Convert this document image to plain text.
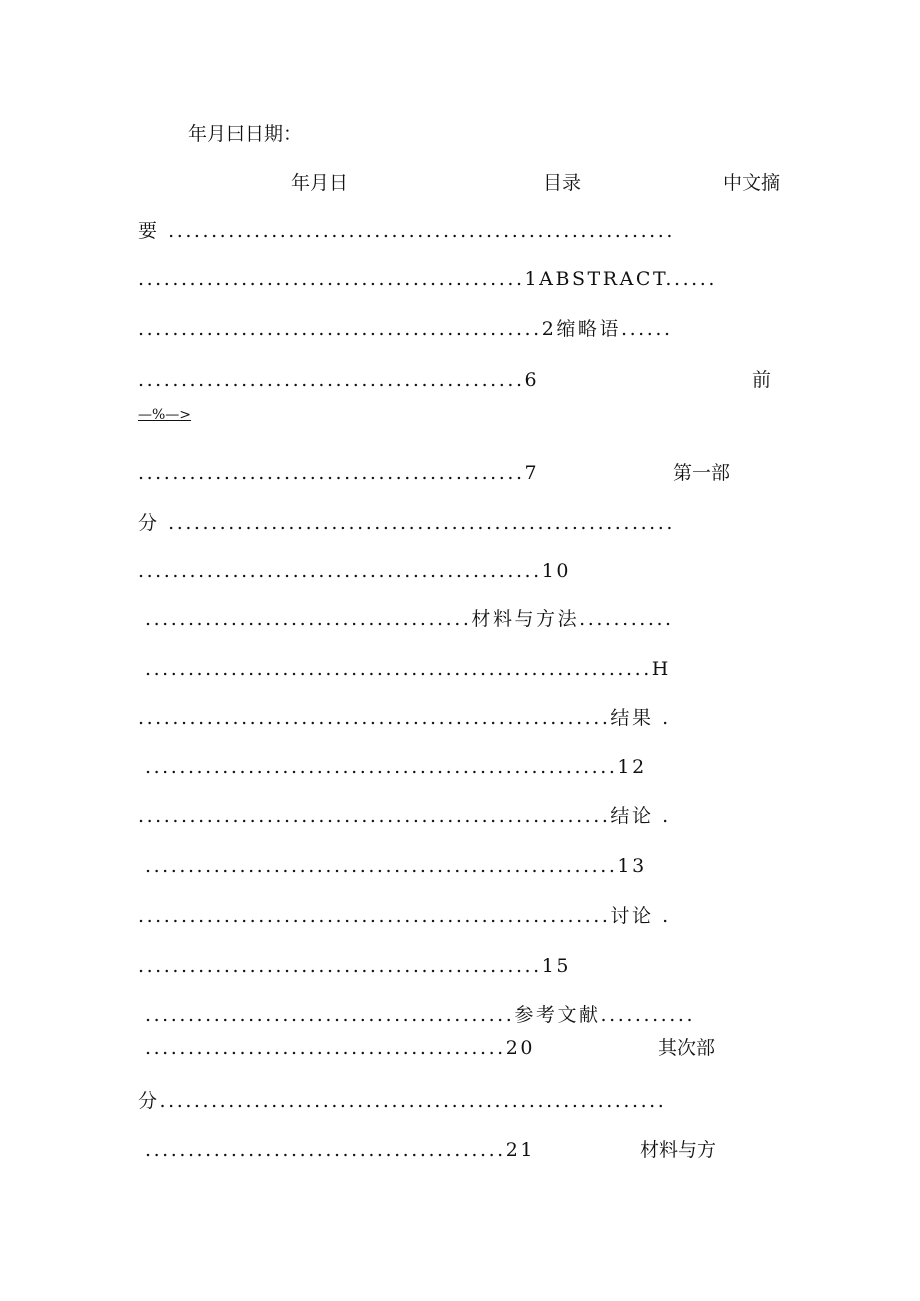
年月曰日期：
年月日	目录	中文摘
要 ...........................................................
.............................................1ABSTRACT......
...............................................2缩略语......
.............................................6	前
—%—>
.............................................7	第一部
分 ...........................................................
...............................................10
......................................材料与方法...........
...........................................................H
.......................................................结果 .
.......................................................12
.......................................................结论 .
.......................................................13
.......................................................讨论 .
...............................................15
...........................................参考文献...........
..........................................20	其次部
分...........................................................
..........................................21	材料与方
